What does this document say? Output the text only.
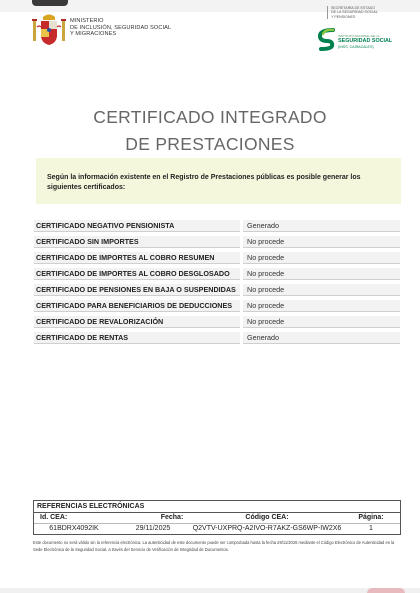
MINISTERIO
DE INCLUSIÓN, SEGURIDAD SOCIAL
Y MIGRACIONES
SECRETARÍA DE ESTADO
DE LA SEGURIDAD SOCIAL
Y PENSIONES
INSTITUTO NACIONAL DE LA
SEGURIDAD SOCIAL
(INSS, CAIRACALES)
CERTIFICADO INTEGRADO
DE PRESTACIONES
Según la información existente en el Registro de Prestaciones públicas es posible generar los siguientes certificados:
CERTIFICADO NEGATIVO PENSIONISTA	Generado
CERTIFICADO SIN IMPORTES	No procede
CERTIFICADO DE IMPORTES AL COBRO RESUMEN	No procede
CERTIFICADO DE IMPORTES AL COBRO DESGLOSADO	No procede
CERTIFICADO DE PENSIONES EN BAJA O SUSPENDIDAS	No procede
CERTIFICADO PARA BENEFICIARIOS DE DEDUCCIONES	No procede
CERTIFICADO DE REVALORIZACIÓN	No procede
CERTIFICADO DE RENTAS	Generado
REFERENCIAS ELECTRÓNICAS
Id. CEA:	Fecha:	Código CEA:	Página:
61BDRX4092IK	29/11/2025	Q2VTV-UXPRQ-A2IVO-R7AKZ-GS6WP-IW2X6	1
Este documento no será válido sin la referencia electrónica. La autenticidad de este documento puede ser comprobada hasta la fecha 29/11/2026 mediante el Código Electrónico de Autenticidad en la Sede Electrónica de la Seguridad Social, a través del Servicio de Verificación de Integridad de Documentos.
